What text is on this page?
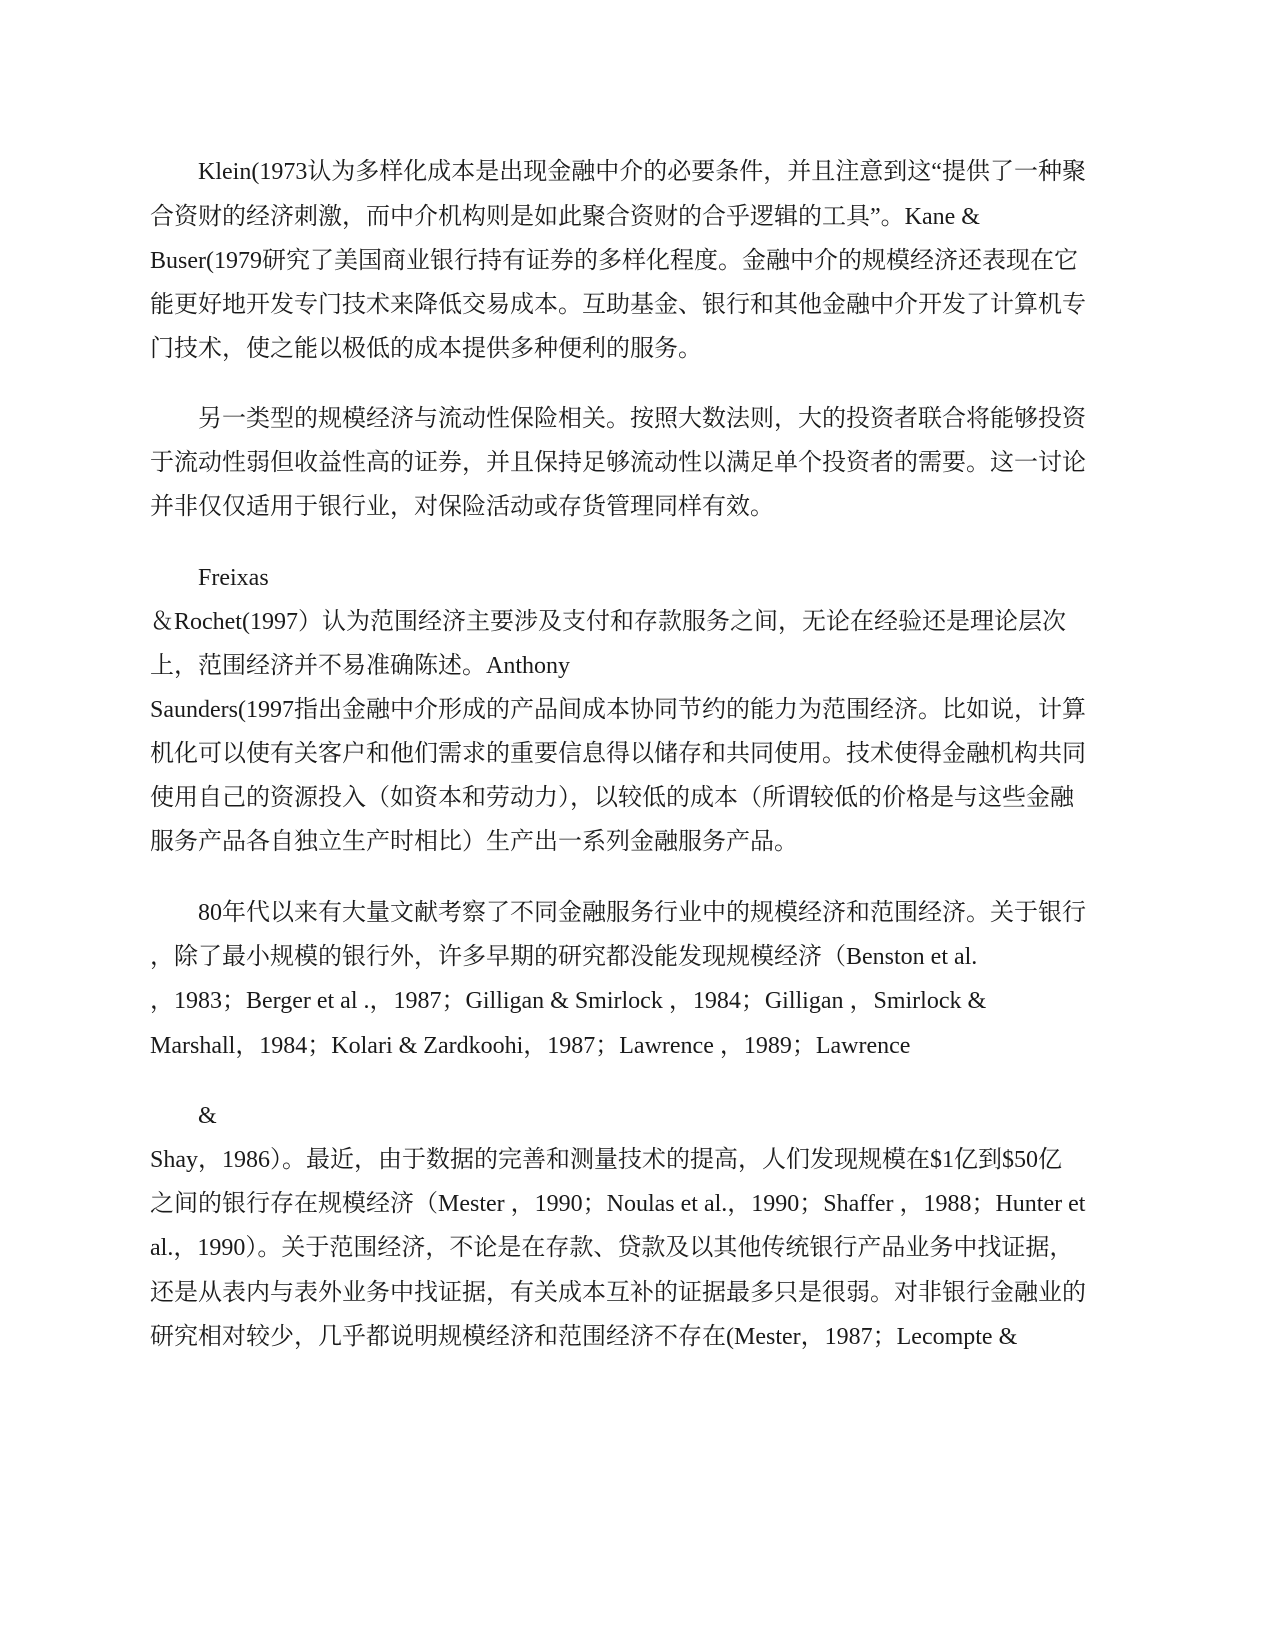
Klein(1973认为多样化成本是出现金融中介的必要条件，并且注意到这“提供了一种聚
合资财的经济刺激，而中介机构则是如此聚合资财的合乎逻辑的工具”。Kane &
Buser(1979研究了美国商业银行持有证券的多样化程度。金融中介的规模经济还表现在它
能更好地开发专门技术来降低交易成本。互助基金、银行和其他金融中介开发了计算机专
门技术，使之能以极低的成本提供多种便利的服务。
另一类型的规模经济与流动性保险相关。按照大数法则，大的投资者联合将能够投资
于流动性弱但收益性高的证券，并且保持足够流动性以满足单个投资者的需要。这一讨论
并非仅仅适用于银行业，对保险活动或存货管理同样有效。
Freixas
＆Rochet(1997）认为范围经济主要涉及支付和存款服务之间，无论在经验还是理论层次
上，范围经济并不易准确陈述。Anthony
Saunders(1997指出金融中介形成的产品间成本协同节约的能力为范围经济。比如说，计算
机化可以使有关客户和他们需求的重要信息得以储存和共同使用。技术使得金融机构共同
使用自己的资源投入（如资本和劳动力），以较低的成本（所谓较低的价格是与这些金融
服务产品各自独立生产时相比）生产出一系列金融服务产品。
80年代以来有大量文献考察了不同金融服务行业中的规模经济和范围经济。关于银行
，除了最小规模的银行外，许多早期的研究都没能发现规模经济（Benston et al.
，1983；Berger et al .，1987；Gilligan & Smirlock ，1984；Gilligan ，Smirlock &
Marshall，1984；Kolari & Zardkoohi，1987；Lawrence ，1989；Lawrence
&
Shay，1986）。最近，由于数据的完善和测量技术的提高，人们发现规模在$1亿到$50亿
之间的银行存在规模经济（Mester ，1990；Noulas et al.，1990；Shaffer ，1988；Hunter et
al.，1990）。关于范围经济，不论是在存款、贷款及以其他传统银行产品业务中找证据，
还是从表内与表外业务中找证据，有关成本互补的证据最多只是很弱。对非银行金融业的
研究相对较少，几乎都说明规模经济和范围经济不存在(Mester，1987；Lecompte &
